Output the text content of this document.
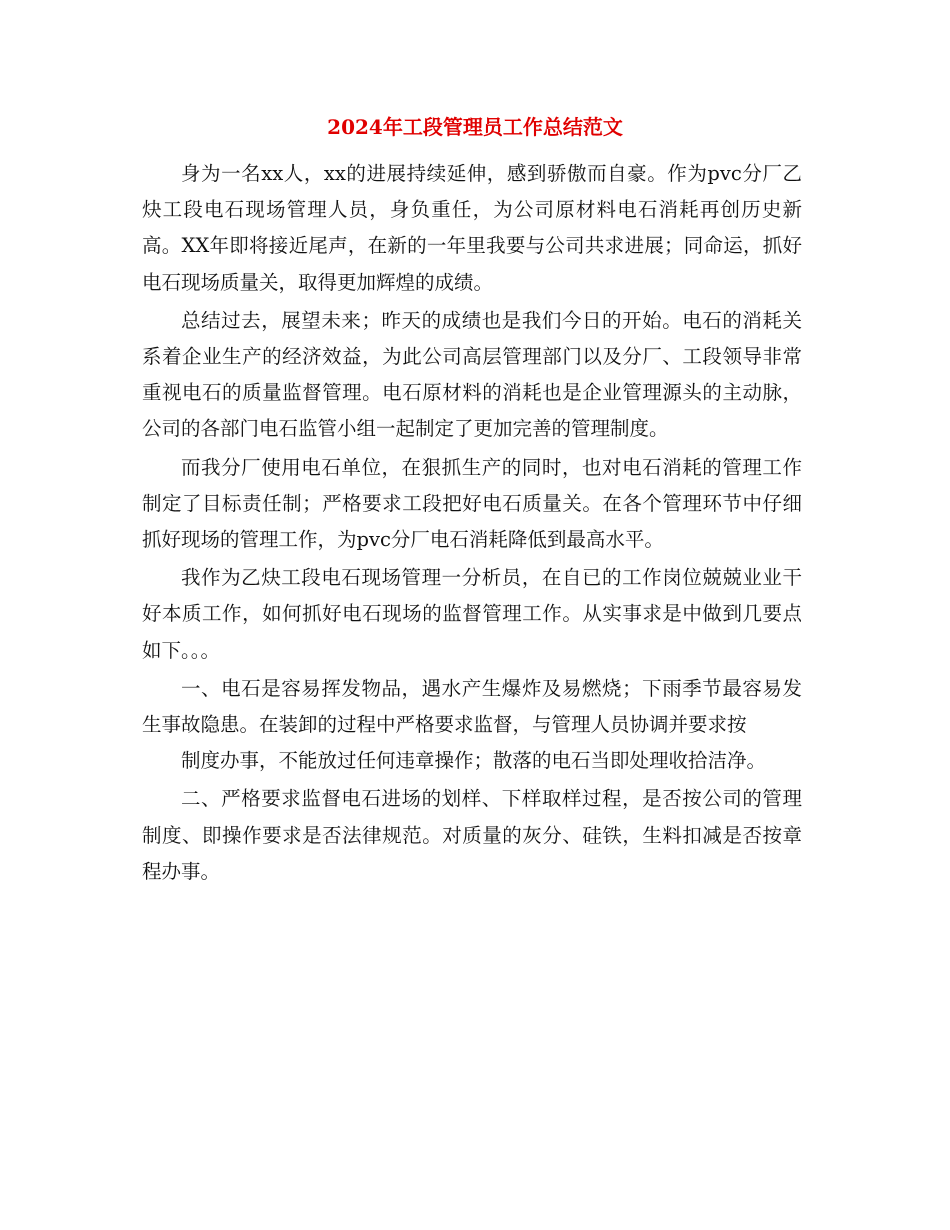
2024年工段管理员工作总结范文

身为一名xx人，xx的进展持续延伸，感到骄傲而自豪。作为pvc分厂乙炔工段电石现场管理人员，身负重任，为公司原材料电石消耗再创历史新高。XX年即将接近尾声，在新的一年里我要与公司共求进展；同命运，抓好电石现场质量关，取得更加辉煌的成绩。

总结过去，展望未来；昨天的成绩也是我们今日的开始。电石的消耗关系着企业生产的经济效益，为此公司高层管理部门以及分厂、工段领导非常重视电石的质量监督管理。电石原材料的消耗也是企业管理源头的主动脉，公司的各部门电石监管小组一起制定了更加完善的管理制度。

而我分厂使用电石单位，在狠抓生产的同时，也对电石消耗的管理工作制定了目标责任制；严格要求工段把好电石质量关。在各个管理环节中仔细抓好现场的管理工作，为pvc分厂电石消耗降低到最高水平。

我作为乙炔工段电石现场管理一分析员，在自已的工作岗位兢兢业业干好本质工作，如何抓好电石现场的监督管理工作。从实事求是中做到几要点如下。。。

一、电石是容易挥发物品，遇水产生爆炸及易燃烧；下雨季节最容易发生事故隐患。在装卸的过程中严格要求监督，与管理人员协调并要求按

制度办事，不能放过任何违章操作；散落的电石当即处理收拾洁净。

二、严格要求监督电石进场的划样、下样取样过程，是否按公司的管理制度、即操作要求是否法律规范。对质量的灰分、硅铁，生料扣减是否按章程办事。
